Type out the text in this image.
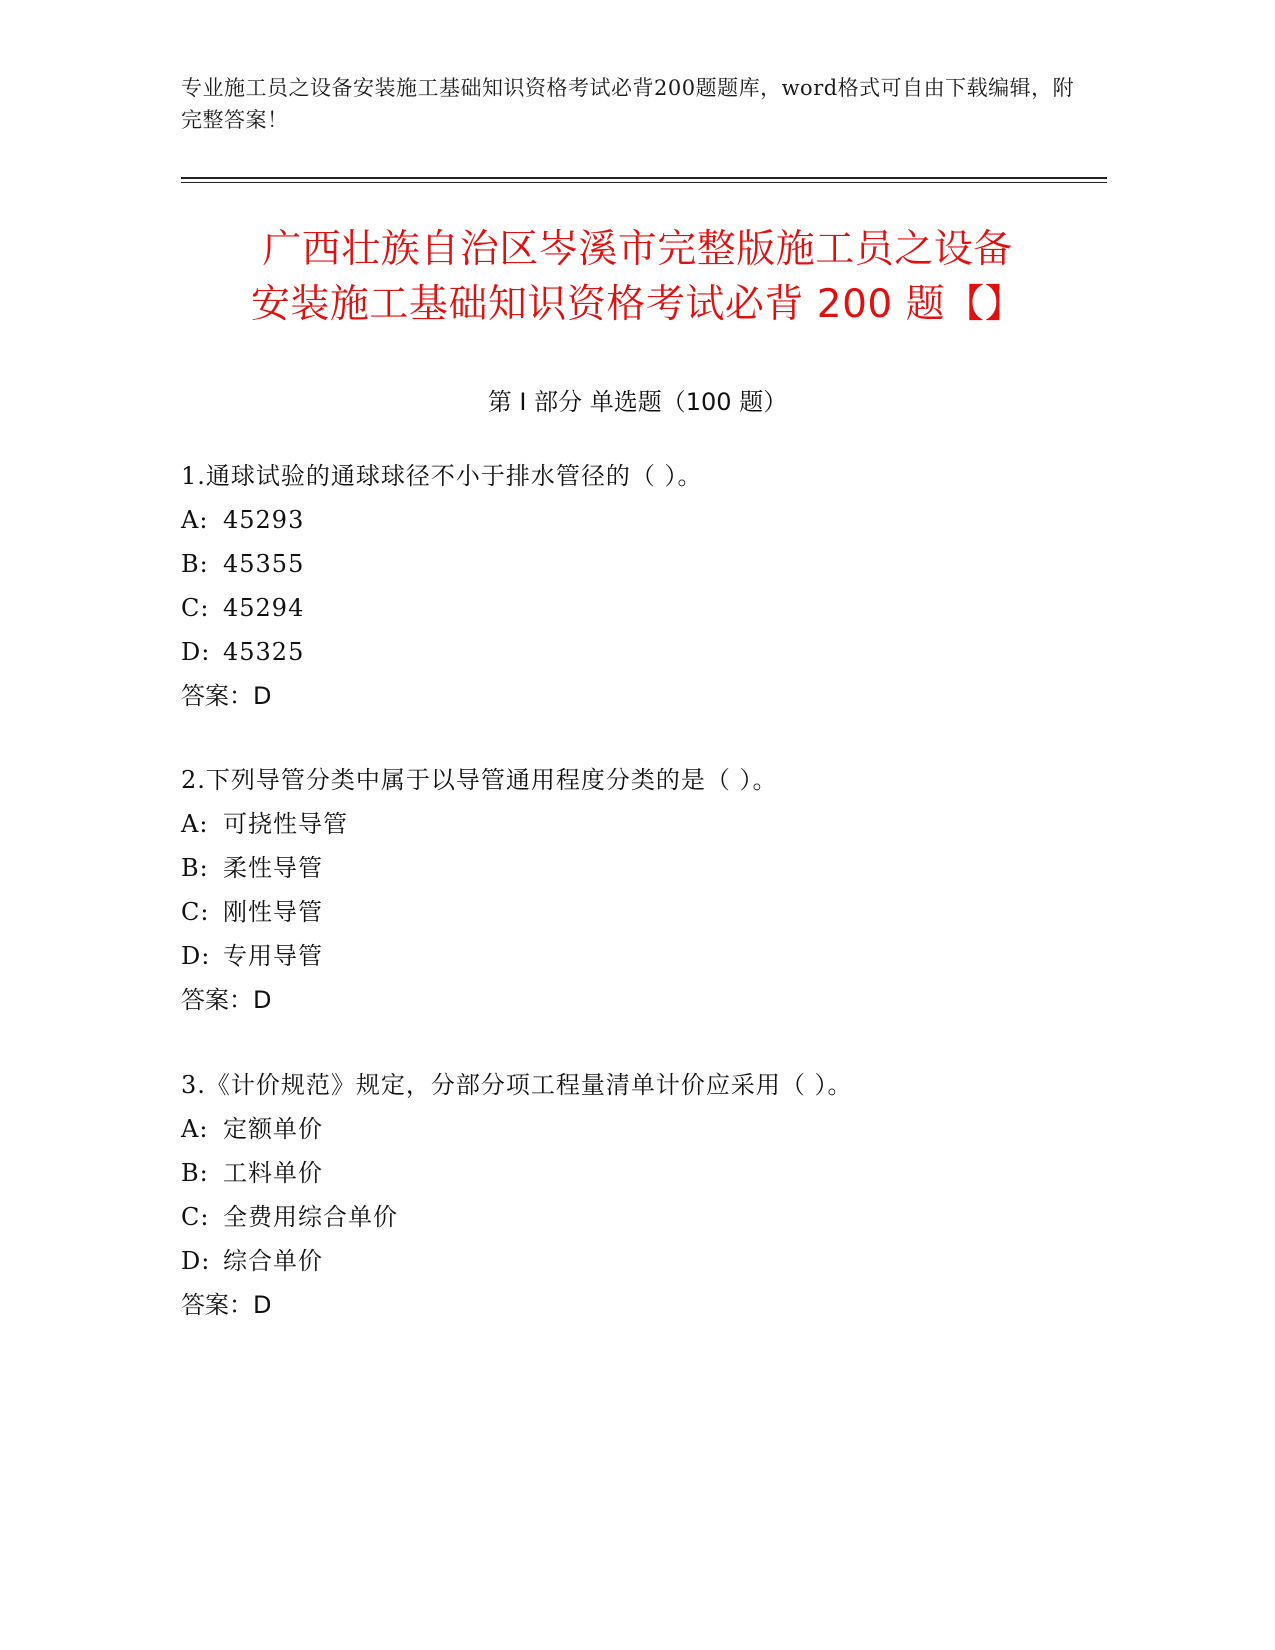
专业施工员之设备安装施工基础知识资格考试必背200题题库，word格式可自由下载编辑，附完整答案！
广西壮族自治区岑溪市完整版施工员之设备
安装施工基础知识资格考试必背 200 题【】
第 I 部分 单选题（100 题）
1.通球试验的通球球径不小于排水管径的（ ）。
A: 45293
B: 45355
C: 45294
D: 45325
答案：D
2.下列导管分类中属于以导管通用程度分类的是（ ）。
A: 可挠性导管
B: 柔性导管
C: 刚性导管
D: 专用导管
答案：D
3.《计价规范》规定，分部分项工程量清单计价应采用（ ）。
A: 定额单价
B: 工料单价
C: 全费用综合单价
D: 综合单价
答案：D
